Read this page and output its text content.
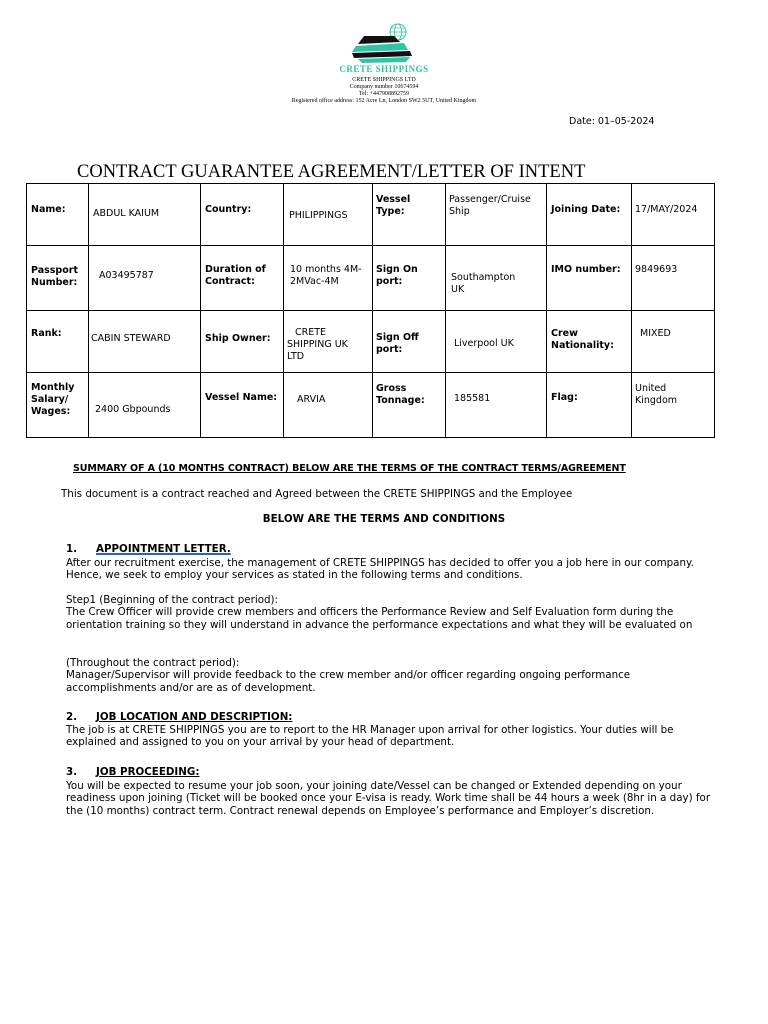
CRETE SHIPPINGS
CRETE SHIPPINGS LTD
Company number 10674594
Tel: +447908892759
Registered office address: 152 Acre Ln, London SW2 5UT, United Kingdom
Date: 01–05-2024
CONTRACT GUARANTEE AGREEMENT/LETTER OF INTENT
Name:	ABDUL KAIUM	Country:	PHILIPPINGS	Vessel Type:	Passenger/Cruise Ship	Joining Date:	17/MAY/2024

Passport Number:	A03495787	Duration of Contract:	10 months 4M-2MVac-4M	Sign On port:	Southampton UK	IMO number:	9849693

Rank:	CABIN STEWARD	Ship Owner:	CRETE SHIPPING UK LTD	Sign Off port:	Liverpool UK	Crew Nationality:	MIXED

Monthly Salary/ Wages:	2400 Gbpounds	Vessel Name:	ARVIA	Gross Tonnage:	185581	Flag:	United Kingdom
SUMMARY OF A (10 MONTHS CONTRACT) BELOW ARE THE TERMS OF THE CONTRACT TERMS/AGREEMENT
This document is a contract reached and Agreed between the CRETE SHIPPINGS and the Employee
BELOW ARE THE TERMS AND CONDITIONS
1. APPOINTMENT LETTER.
After our recruitment exercise, the management of CRETE SHIPPINGS has decided to offer you a job here in our company. Hence, we seek to employ your services as stated in the following terms and conditions.
Step1 (Beginning of the contract period):
The Crew Officer will provide crew members and officers the Performance Review and Self Evaluation form during the orientation training so they will understand in advance the performance expectations and what they will be evaluated on
(Throughout the contract period):
Manager/Supervisor will provide feedback to the crew member and/or officer regarding ongoing performance accomplishments and/or are as of development.
2. JOB LOCATION AND DESCRIPTION:
The job is at CRETE SHIPPINGS you are to report to the HR Manager upon arrival for other logistics. Your duties will be explained and assigned to you on your arrival by your head of department.
3. JOB PROCEEDING:
You will be expected to resume your job soon, your joining date/Vessel can be changed or Extended depending on your readiness upon joining (Ticket will be booked once your E-visa is ready. Work time shall be 44 hours a week (8hr in a day) for the (10 months) contract term. Contract renewal depends on Employee’s performance and Employer’s discretion.
